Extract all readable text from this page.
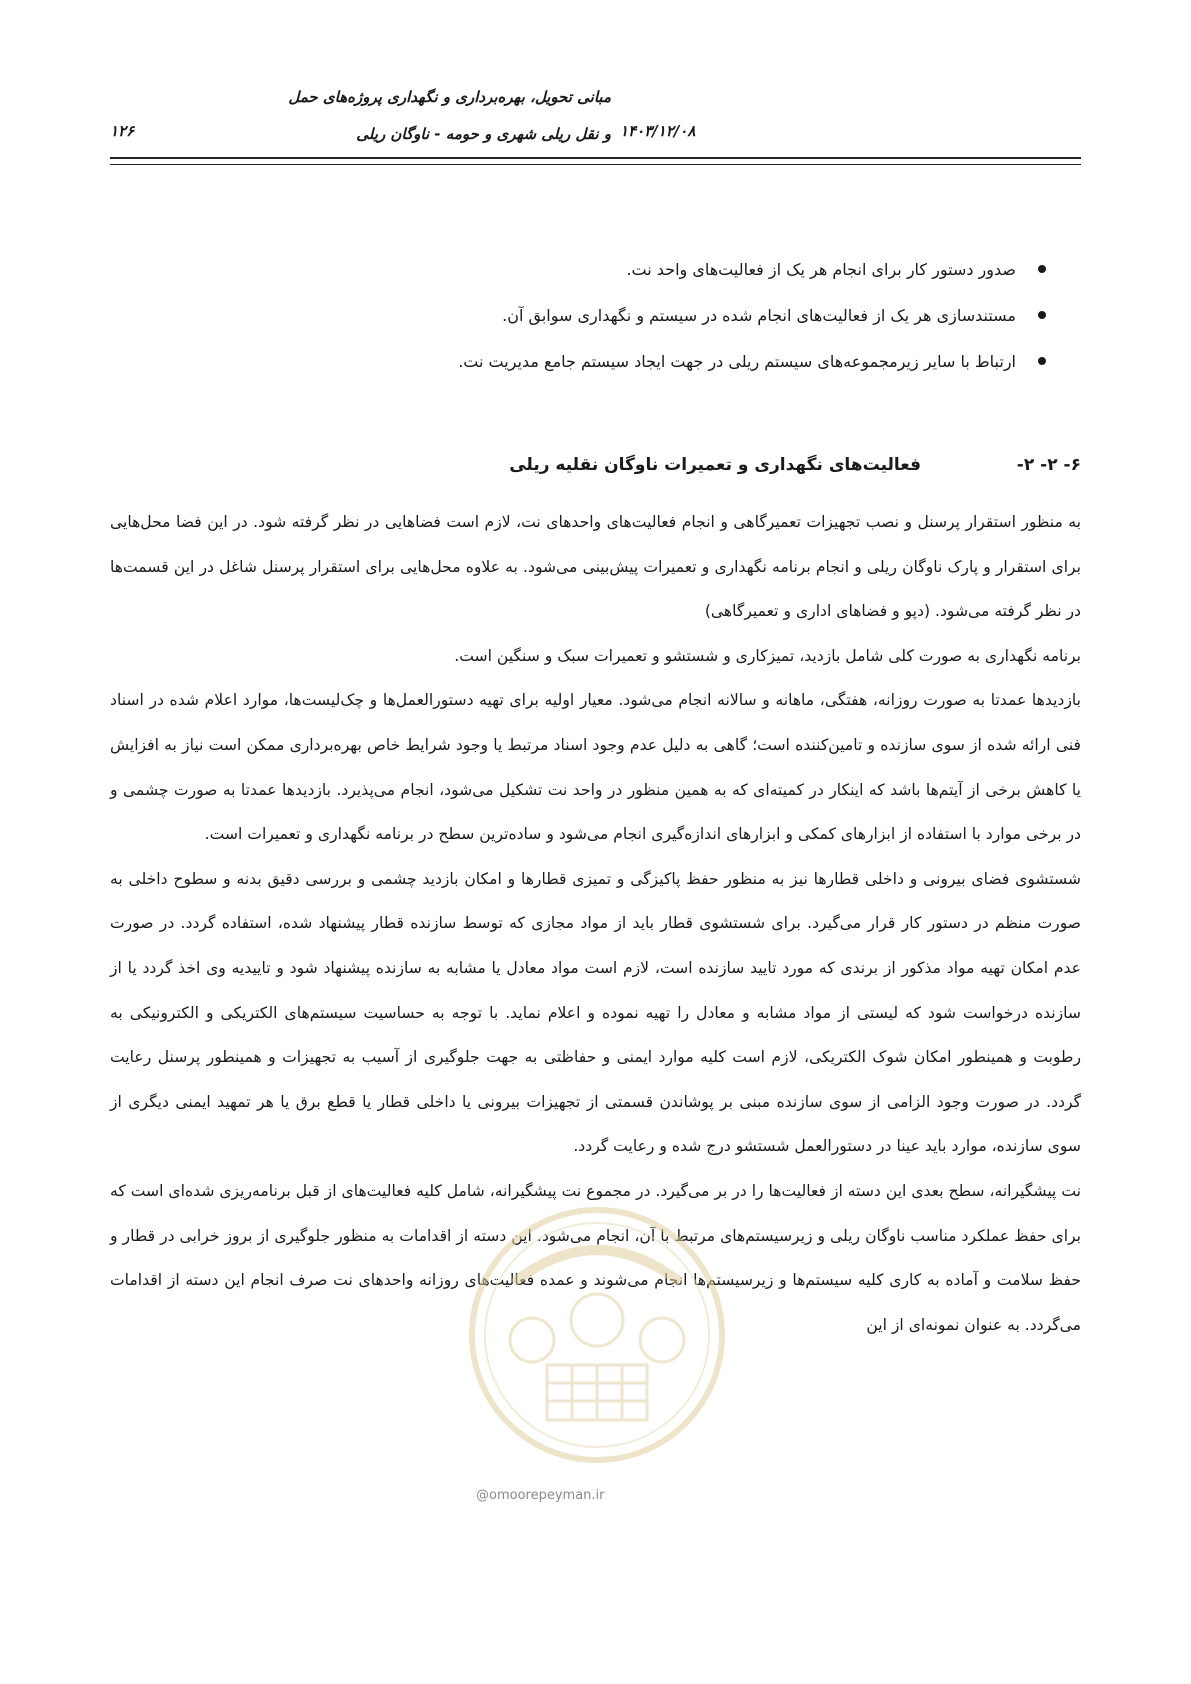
مبانی تحویل، بهره‌برداری و نگهداری پروژه‌های حمل
و نقل ریلی شهری و حومه - ناوگان ریلی ۱۴۰۳/۱۲/۰۸
۱۲۶
صدور دستور کار برای انجام هر یک از فعالیت‌های واحد نت.
مستندسازی هر یک از فعالیت‌های انجام شده در سیستم و نگهداری سوابق آن.
ارتباط با سایر زیرمجموعه‌های سیستم ریلی در جهت ایجاد سیستم جامع مدیریت نت.
۶- ۲- ۲-
فعالیت‌های نگهداری و تعمیرات ناوگان نقلیه ریلی

به منظور استقرار پرسنل و نصب تجهیزات تعمیرگاهی و انجام فعالیت‌های واحدهای نت، لازم است فضاهایی در نظر گرفته شود. در این فضا محل‌هایی برای استقرار و پارک ناوگان ریلی و انجام برنامه نگهداری و تعمیرات پیش‌بینی می‌شود. به علاوه محل‌هایی برای استقرار پرسنل شاغل در این قسمت‌ها در نظر گرفته می‌شود. (دپو و فضاهای اداری و تعمیرگاهی)

برنامه نگهداری به صورت کلی شامل بازدید، تمیزکاری و شستشو و تعمیرات سبک و سنگین است.

بازدیدها عمدتا به صورت روزانه، هفتگی، ماهانه و سالانه انجام می‌شود. معیار اولیه برای تهیه دستورالعمل‌ها و چک‌لیست‌ها، موارد اعلام شده در اسناد فنی ارائه شده از سوی سازنده و تامین‌کننده است؛ گاهی به دلیل عدم وجود اسناد مرتبط یا وجود شرایط خاص بهره‌برداری ممکن است نیاز به افزایش یا کاهش برخی از آیتم‌ها باشد که اینکار در کمیته‌ای که به همین منظور در واحد نت تشکیل می‌شود، انجام می‌پذیرد. بازدیدها عمدتا به صورت چشمی و در برخی موارد با استفاده از ابزارهای کمکی و ابزارهای اندازه‌گیری انجام می‌شود و ساده‌ترین سطح در برنامه نگهداری و تعمیرات است.

شستشوی فضای بیرونی و داخلی قطارها نیز به منظور حفظ پاکیزگی و تمیزی قطارها و امکان بازدید چشمی و بررسی دقیق بدنه و سطوح داخلی به صورت منظم در دستور کار قرار می‌گیرد. برای شستشوی قطار باید از مواد مجازی که توسط سازنده قطار پیشنهاد شده، استفاده گردد. در صورت عدم امکان تهیه مواد مذکور از برندی که مورد تایید سازنده است، لازم است مواد معادل یا مشابه به سازنده پیشنهاد شود و تاییدیه وی اخذ گردد یا از سازنده درخواست شود که لیستی از مواد مشابه و معادل را تهیه نموده و اعلام نماید. با توجه به حساسیت سیستم‌های الکتریکی و الکترونیکی به رطوبت و همینطور امکان شوک الکتریکی، لازم است کلیه موارد ایمنی و حفاظتی به جهت جلوگیری از آسیب به تجهیزات و همینطور پرسنل رعایت گردد. در صورت وجود الزامی از سوی سازنده مبنی بر پوشاندن قسمتی از تجهیزات بیرونی یا داخلی قطار یا قطع برق یا هر تمهید ایمنی دیگری از سوی سازنده، موارد باید عینا در دستورالعمل شستشو درج شده و رعایت گردد.

نت پیشگیرانه، سطح بعدی این دسته از فعالیت‌ها را در بر می‌گیرد. در مجموع نت پیشگیرانه، شامل کلیه فعالیت‌های از قبل برنامه‌ریزی شده‌ای است که برای حفظ عملکرد مناسب ناوگان ریلی و زیرسیستم‌های مرتبط با آن، انجام می‌شود. این دسته از اقدامات به منظور جلوگیری از بروز خرابی در قطار و حفظ سلامت و آماده به کاری کلیه سیستم‌ها و زیرسیستم‌ها انجام می‌شوند و عمده فعالیت‌های روزانه واحدهای نت صرف انجام این دسته از اقدامات می‌گردد. به عنوان نمونه‌ای از این

@omoorepeyman.ir
